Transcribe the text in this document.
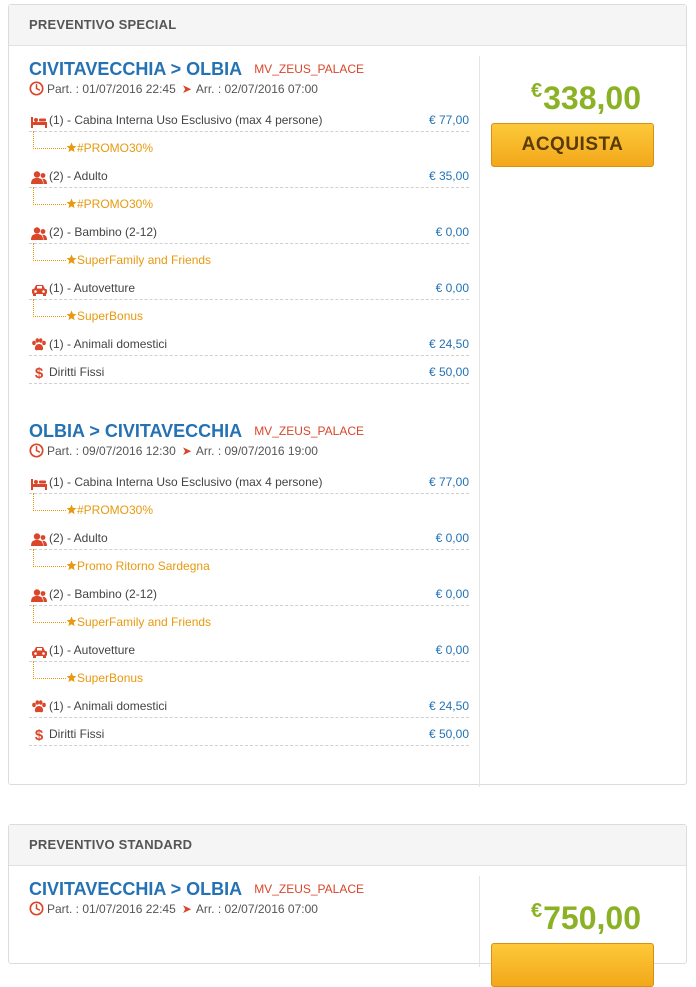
PREVENTIVO SPECIAL
€338,00
ACQUISTA
CIVITAVECCHIA > OLBIA MV_ZEUS_PALACE
Part. : 01/07/2016 22:45 ➤ Arr. : 02/07/2016 07:00
(1) - Cabina Interna Uso Esclusivo (max 4 persone)	€ 77,00
#PROMO30%
(2) - Adulto	€ 35,00
#PROMO30%
(2) - Bambino (2-12)	€ 0,00
SuperFamily and Friends
(1) - Autovetture	€ 0,00
SuperBonus
(1) - Animali domestici	€ 24,50
$ Diritti Fissi	€ 50,00
OLBIA > CIVITAVECCHIA MV_ZEUS_PALACE
Part. : 09/07/2016 12:30 ➤ Arr. : 09/07/2016 19:00
(1) - Cabina Interna Uso Esclusivo (max 4 persone)	€ 77,00
#PROMO30%
(2) - Adulto	€ 0,00
Promo Ritorno Sardegna
(2) - Bambino (2-12)	€ 0,00
SuperFamily and Friends
(1) - Autovetture	€ 0,00
SuperBonus
(1) - Animali domestici	€ 24,50
$ Diritti Fissi	€ 50,00
PREVENTIVO STANDARD
€750,00
CIVITAVECCHIA > OLBIA MV_ZEUS_PALACE
Part. : 01/07/2016 22:45 ➤ Arr. : 02/07/2016 07:00
